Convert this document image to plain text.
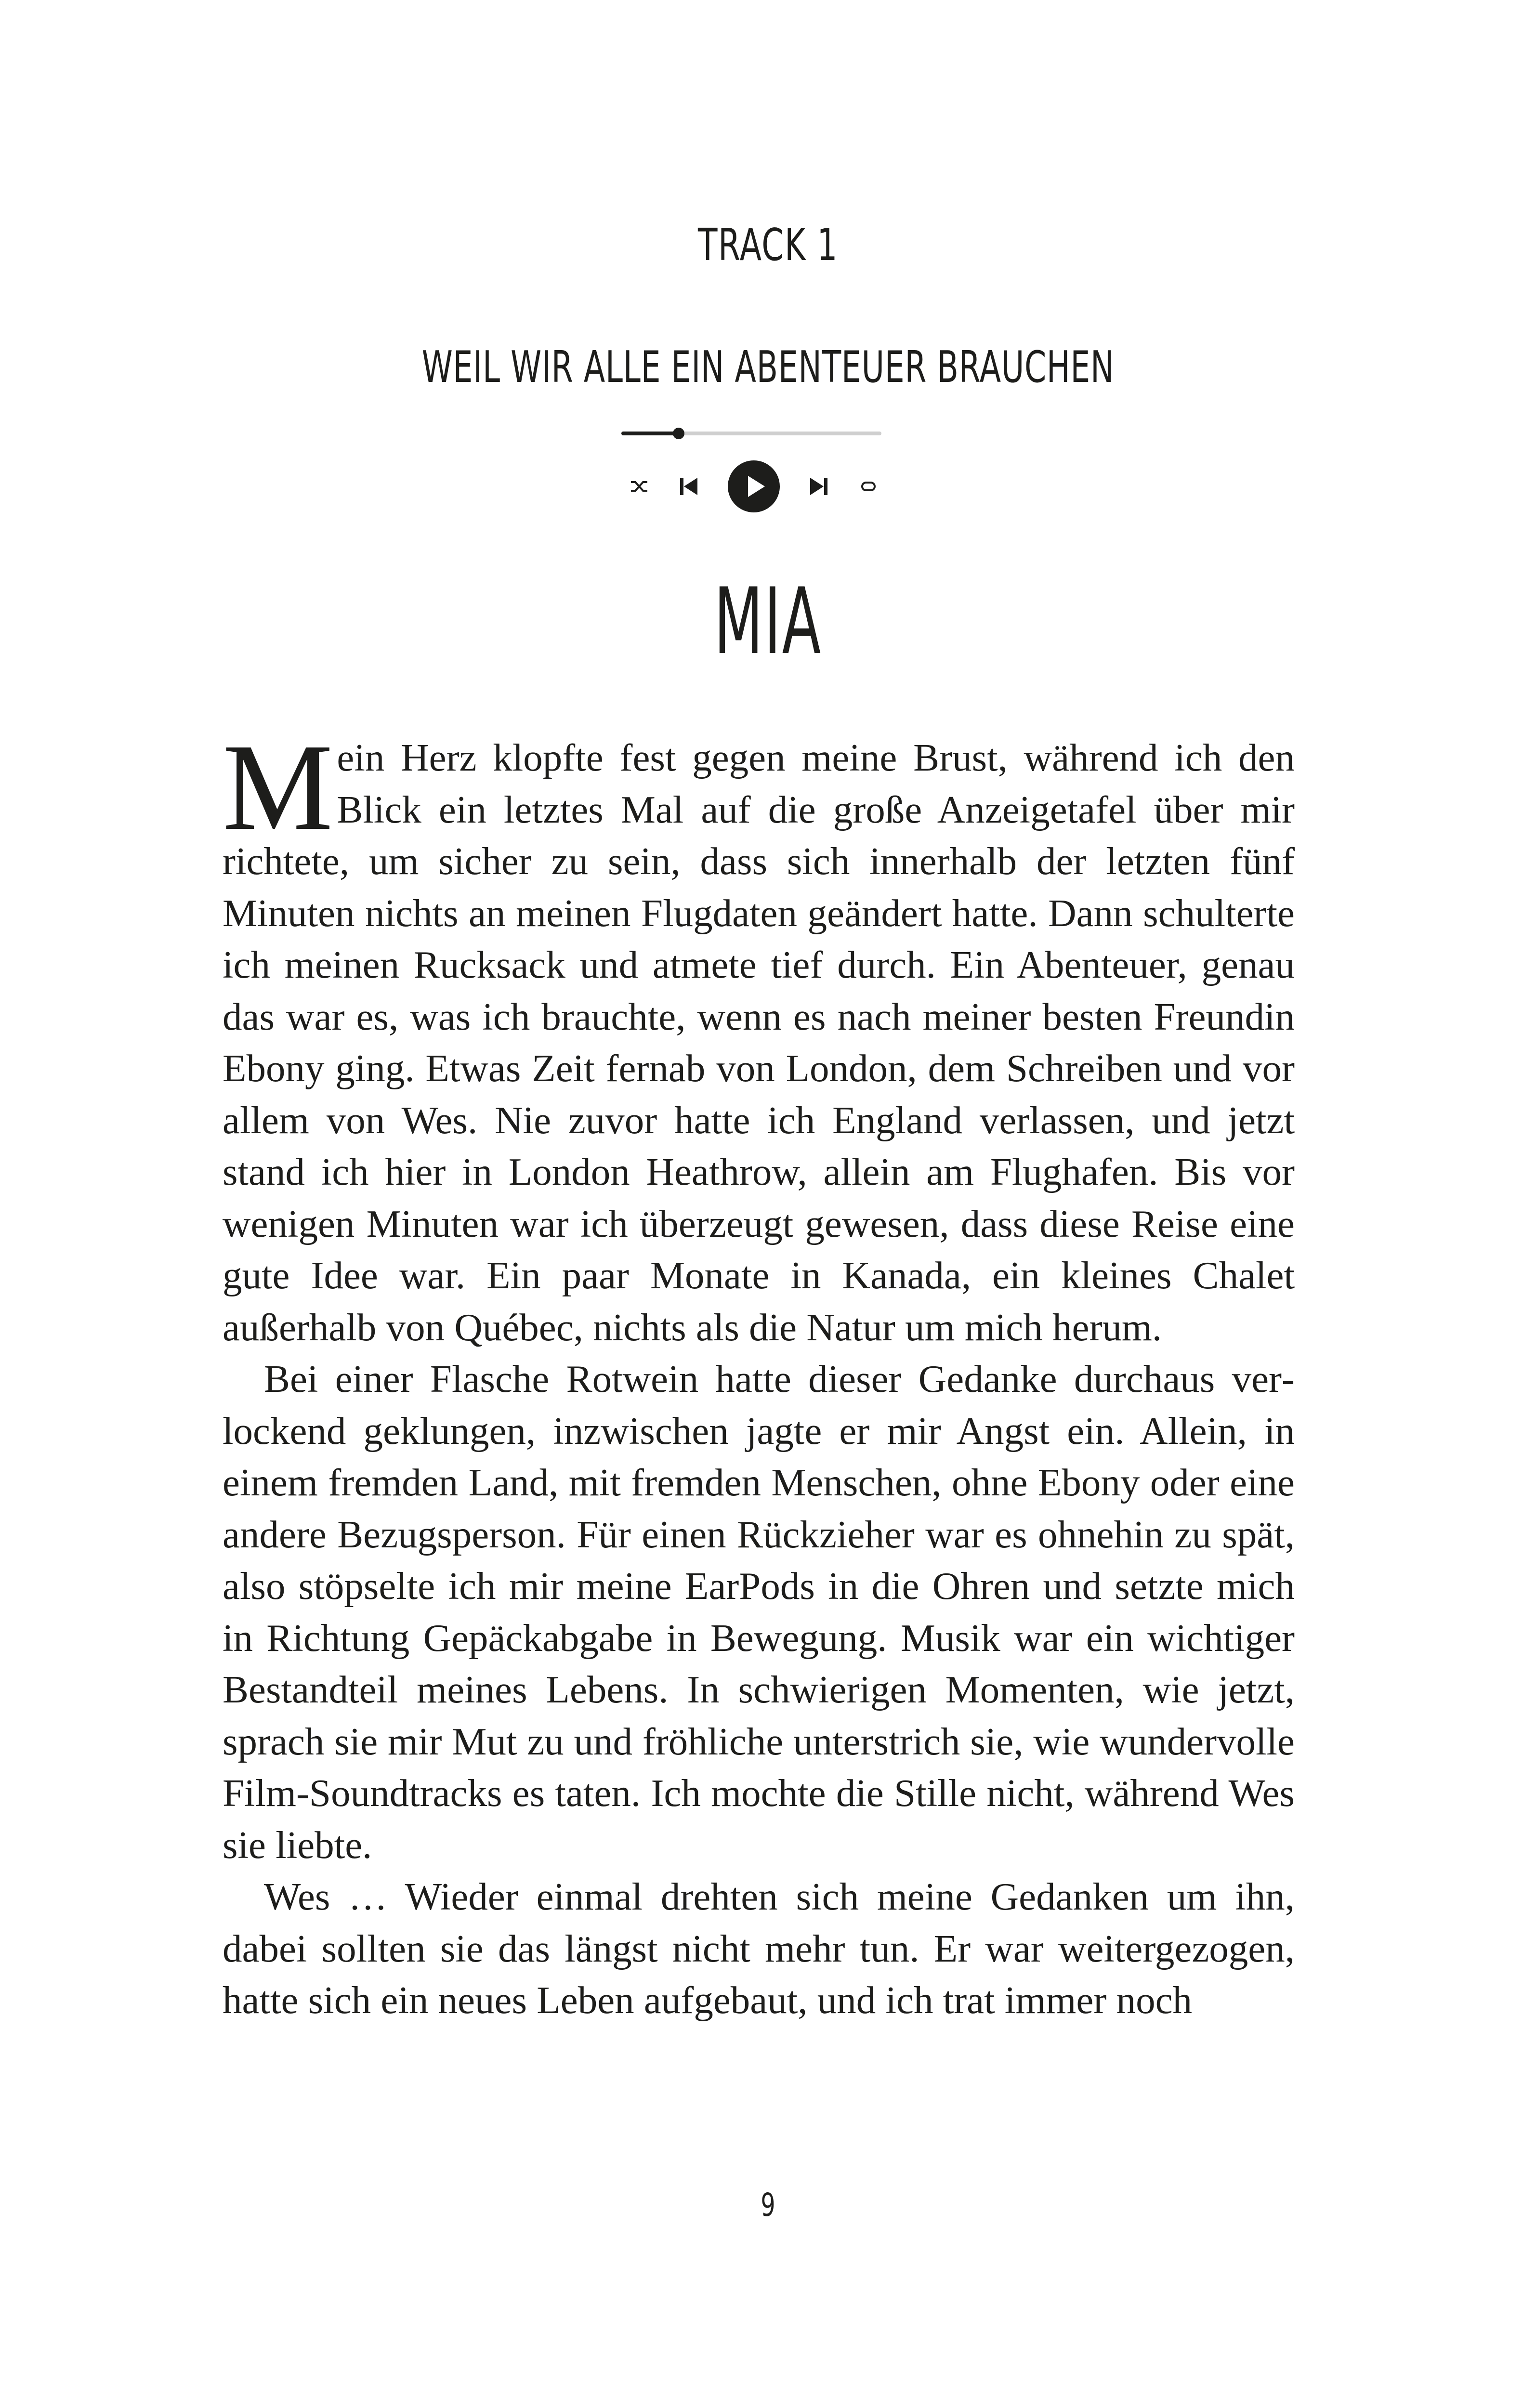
TRACK 1
WEIL WIR ALLE EIN ABENTEUER BRAUCHEN
MIA

Mein Herz klopfte fest gegen meine Brust, während ich den Blick ein letztes Mal auf die große Anzeigetafel über mir richtete, um sicher zu sein, dass sich innerhalb der letzten fünf Minuten nichts an meinen Flugdaten geändert hatte. Dann schulterte ich meinen Rucksack und atmete tief durch. Ein Abenteuer, genau das war es, was ich brauchte, wenn es nach meiner besten Freundin Ebony ging. Etwas Zeit fernab von London, dem Schreiben und vor allem von Wes. Nie zuvor hatte ich England verlassen, und jetzt stand ich hier in London Heathrow, allein am Flughafen. Bis vor wenigen Minuten war ich überzeugt gewesen, dass diese Reise eine gute Idee war. Ein paar Monate in Kanada, ein kleines Chalet außerhalb von Québec, nichts als die Natur um mich herum.

Bei einer Flasche Rotwein hatte dieser Gedanke durchaus verlockend geklungen, inzwischen jagte er mir Angst ein. Allein, in einem fremden Land, mit fremden Menschen, ohne Ebony oder eine andere Bezugsperson. Für einen Rückzieher war es ohnehin zu spät, also stöpselte ich mir meine EarPods in die Ohren und setzte mich in Richtung Gepäckabgabe in Bewegung. Musik war ein wichtiger Bestandteil meines Lebens. In schwierigen Momenten, wie jetzt, sprach sie mir Mut zu und fröhliche unterstrich sie, wie wundervolle Film-Soundtracks es taten. Ich mochte die Stille nicht, während Wes sie liebte.

Wes … Wieder einmal drehten sich meine Gedanken um ihn, dabei sollten sie das längst nicht mehr tun. Er war weitergezogen, hatte sich ein neues Leben aufgebaut, und ich trat immer noch

9
